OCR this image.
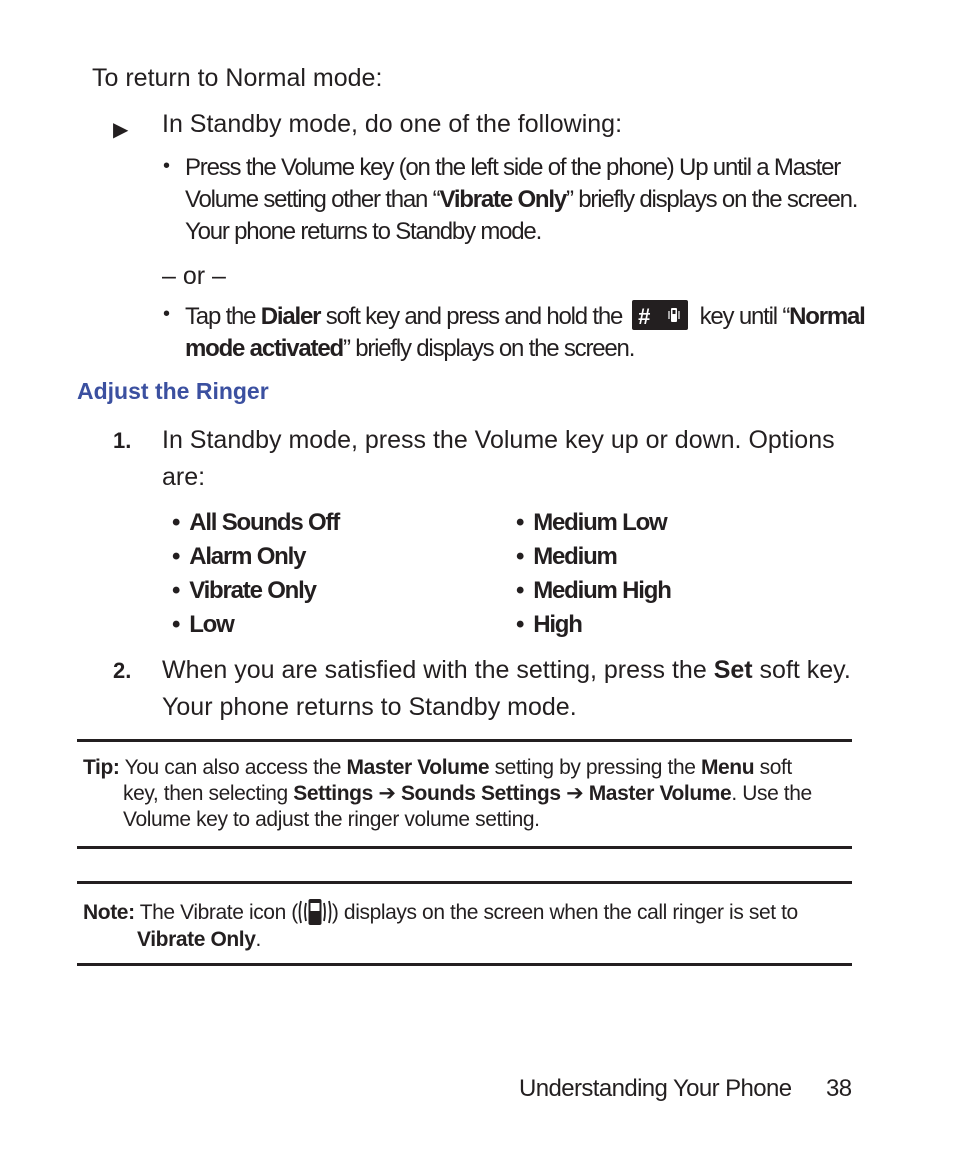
To return to Normal mode:
▶ In Standby mode, do one of the following:
• Press the Volume key (on the left side of the phone) Up until a Master
Volume setting other than “Vibrate Only” briefly displays on the screen.
Your phone returns to Standby mode.
– or –
• Tap the Dialer soft key and press and hold the # key until “Normal
mode activated” briefly displays on the screen.
Adjust the Ringer
1. In Standby mode, press the Volume key up or down. Options
are:
• All Sounds Off
• Alarm Only
• Vibrate Only
• Low
• Medium Low
• Medium
• Medium High
• High
2. When you are satisfied with the setting, press the Set soft key.
Your phone returns to Standby mode.
Tip: You can also access the Master Volume setting by pressing the Menu soft
key, then selecting Settings ➔ Sounds Settings ➔ Master Volume. Use the
Volume key to adjust the ringer volume setting.
Note: The Vibrate icon ( ) displays on the screen when the call ringer is set to
Vibrate Only.
Understanding Your Phone 38
